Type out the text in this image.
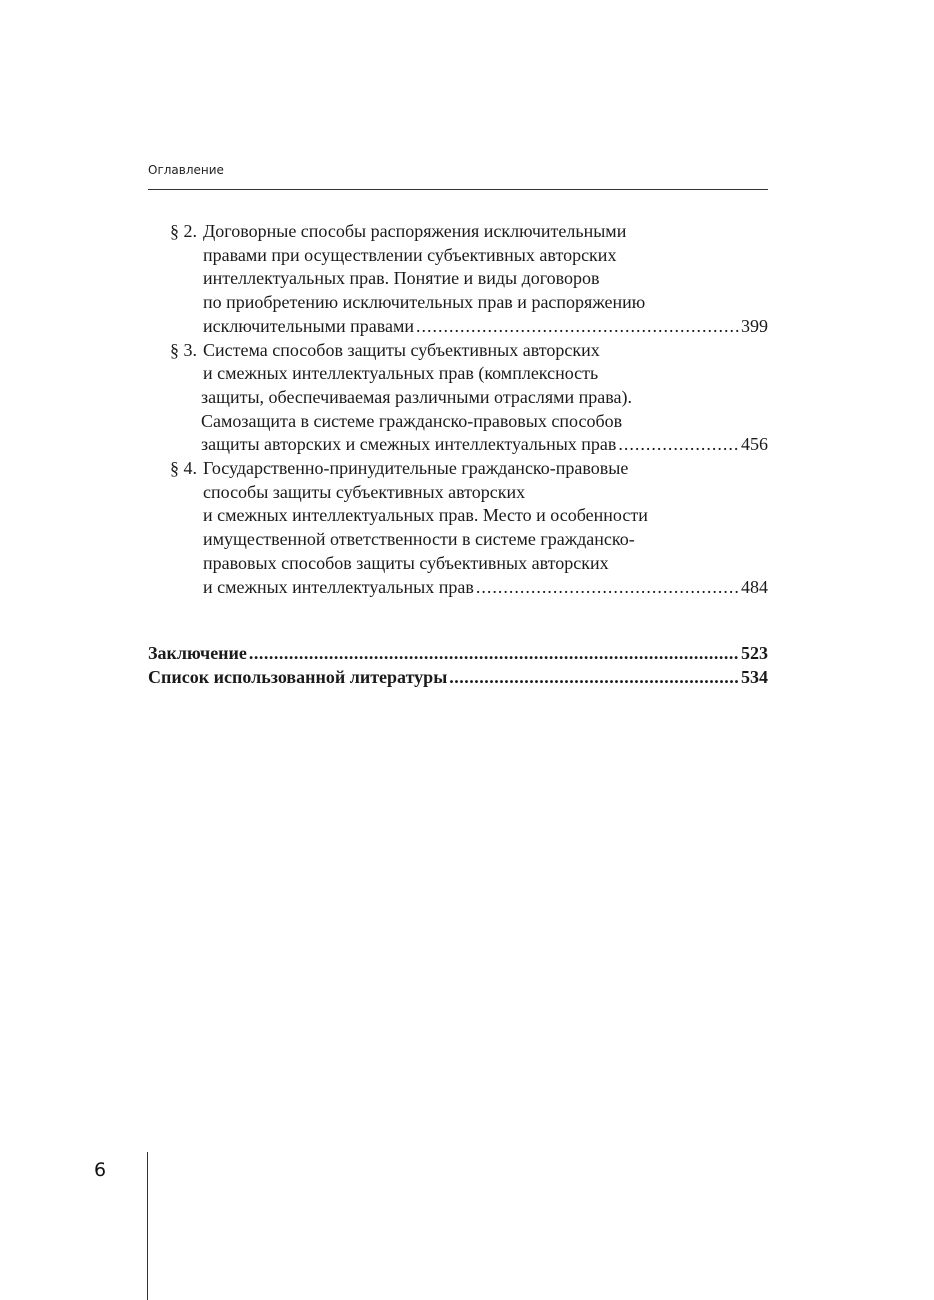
Оглавление
§ 2. Договорные способы распоряжения исключительными
правами при осуществлении субъективных авторских
интеллектуальных прав. Понятие и виды договоров
по приобретению исключительных прав и распоряжению
исключительными правами .....	399
§ 3. Система способов защиты субъективных авторских
и смежных интеллектуальных прав (комплексность
защиты, обеспечиваемая различными отраслями права).
Самозащита в системе гражданско-правовых способов
защиты авторских и смежных интеллектуальных прав .....	456
§ 4. Государственно-принудительные гражданско-правовые
способы защиты субъективных авторских
и смежных интеллектуальных прав. Место и особенности
имущественной ответственности в системе гражданско-
правовых способов защиты субъективных авторских
и смежных интеллектуальных прав .....	484
Заключение .....	523
Список использованной литературы .....	534
6
